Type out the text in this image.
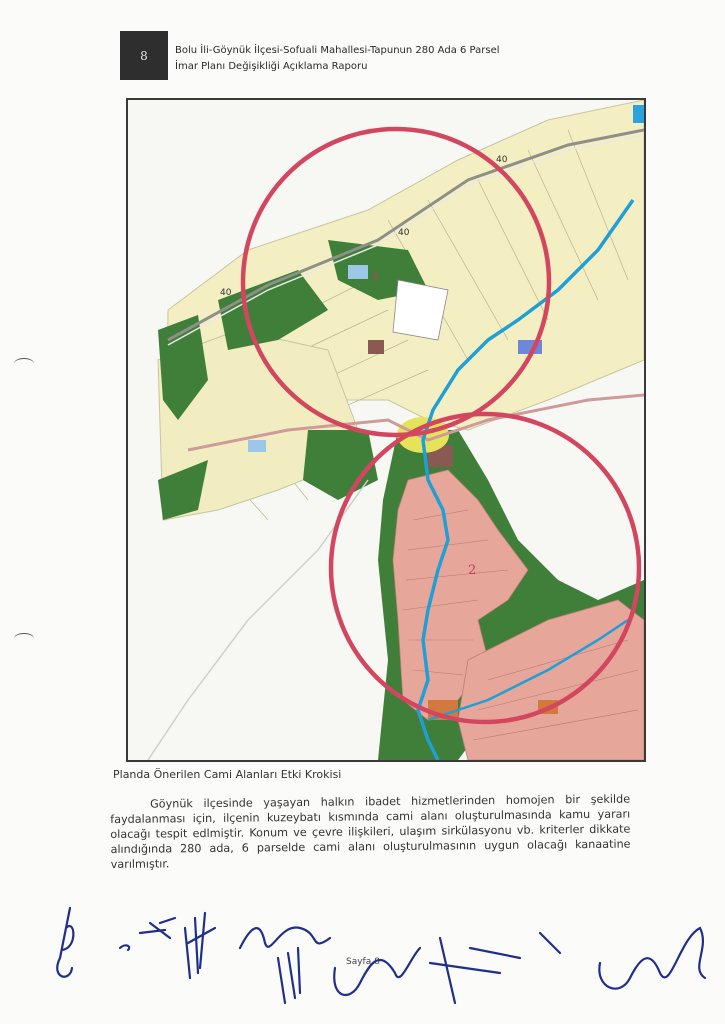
8	Bolu İli-Göynük İlçesi-Sofuali Mahallesi-Tapunun 280 Ada 6 Parsel
İmar Planı Değişikliği Açıklama Raporu
40
40
40
1
2
Planda Önerilen Cami Alanları Etki Krokisi

Göynük ilçesinde yaşayan halkın ibadet hizmetlerinden homojen bir şekilde faydalanması için, ilçenin kuzeybatı kısmında cami alanı oluşturulmasında kamu yararı olacağı tespit edlmiştir. Konum ve çevre ilişkileri, ulaşım sirkülasyonu vb. kriterler dikkate alındığında 280 ada, 6 parselde cami alanı oluşturulmasının uygun olacağı kanaatine varılmıştır.

Sayfa 8
